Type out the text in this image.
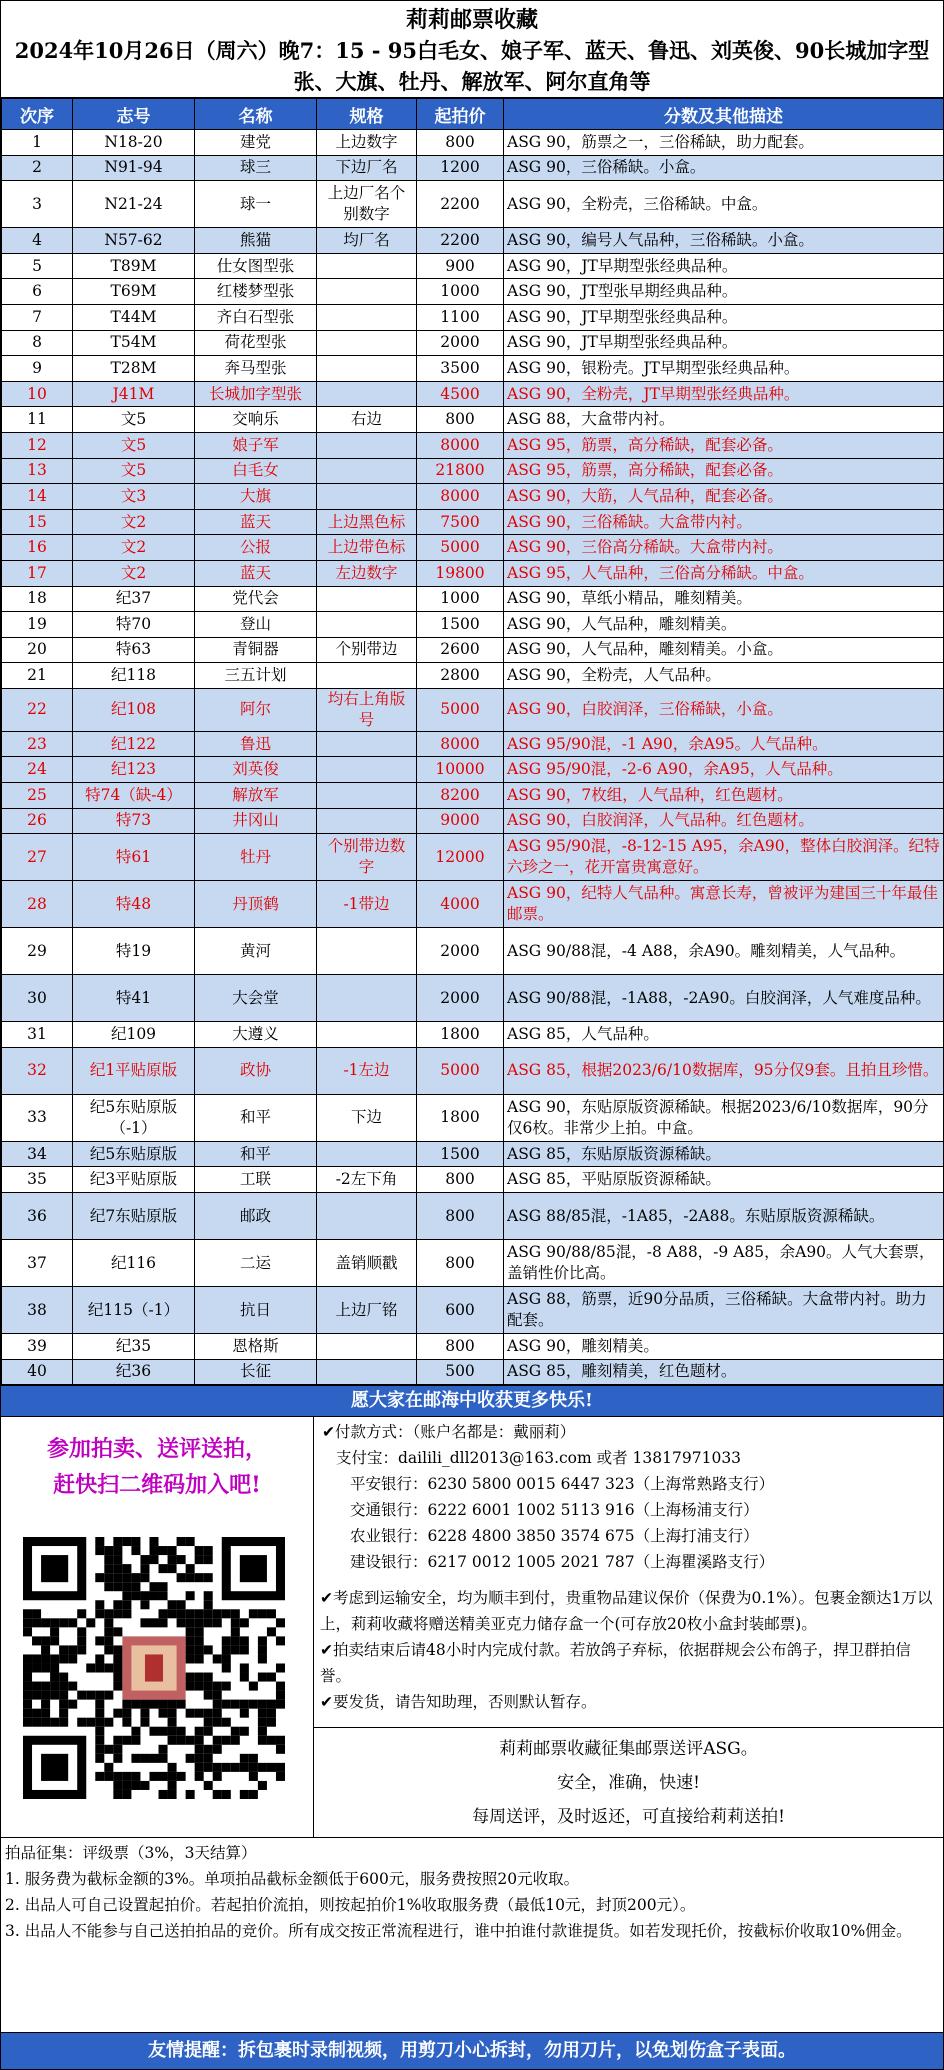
莉莉邮票收藏
2024年10月26日（周六）晚7：15 - 95白毛女、娘子军、蓝天、鲁迅、刘英俊、90长城加字型
张、大旗、牡丹、解放军、阿尔直角等
次序	志号	名称	规格	起拍价	分数及其他描述
1	N18-20	建党	上边数字	800	ASG 90，筋票之一，三俗稀缺，助力配套。
2	N91-94	球三	下边厂名	1200	ASG 90，三俗稀缺。小盒。
3	N21-24	球一	上边厂名个别数字	2200	ASG 90，全粉壳，三俗稀缺。中盒。
4	N57-62	熊猫	均厂名	2200	ASG 90，编号人气品种，三俗稀缺。小盒。
5	T89M	仕女图型张		900	ASG 90，JT早期型张经典品种。
6	T69M	红楼梦型张		1000	ASG 90，JT型张早期经典品种。
7	T44M	齐白石型张		1100	ASG 90，JT早期型张经典品种。
8	T54M	荷花型张		2000	ASG 90，JT早期型张经典品种。
9	T28M	奔马型张		3500	ASG 90，银粉壳。JT早期型张经典品种。
10	J41M	长城加字型张		4500	ASG 90，全粉壳，JT早期型张经典品种。
11	文5	交响乐	右边	800	ASG 88，大盒带内衬。
12	文5	娘子军		8000	ASG 95，筋票，高分稀缺，配套必备。
13	文5	白毛女		21800	ASG 95，筋票，高分稀缺，配套必备。
14	文3	大旗		8000	ASG 90，大筋，人气品种，配套必备。
15	文2	蓝天	上边黑色标	7500	ASG 90，三俗稀缺。大盒带内衬。
16	文2	公报	上边带色标	5000	ASG 90，三俗高分稀缺。大盒带内衬。
17	文2	蓝天	左边数字	19800	ASG 95，人气品种，三俗高分稀缺。中盒。
18	纪37	党代会		1000	ASG 90，草纸小精品，雕刻精美。
19	特70	登山		1500	ASG 90，人气品种，雕刻精美。
20	特63	青铜器	个别带边	2600	ASG 90，人气品种，雕刻精美。小盒。
21	纪118	三五计划		2800	ASG 90，全粉壳，人气品种。
22	纪108	阿尔	均右上角版号	5000	ASG 90，白胶润泽，三俗稀缺，小盒。
23	纪122	鲁迅		8000	ASG 95/90混，-1 A90，余A95。人气品种。
24	纪123	刘英俊		10000	ASG 95/90混，-2-6 A90，余A95，人气品种。
25	特74（缺-4）	解放军		8200	ASG 90，7枚组，人气品种，红色题材。
26	特73	井冈山		9000	ASG 90，白胶润泽，人气品种。红色题材。
27	特61	牡丹	个别带边数字	12000	ASG 95/90混，-8-12-15 A95，余A90，整体白胶润泽。纪特六珍之一，花开富贵寓意好。
28	特48	丹顶鹤	-1带边	4000	ASG 90，纪特人气品种。寓意长寿，曾被评为建国三十年最佳邮票。
29	特19	黄河		2000	ASG 90/88混，-4 A88，余A90。雕刻精美，人气品种。
30	特41	大会堂		2000	ASG 90/88混，-1A88，-2A90。白胶润泽，人气难度品种。
31	纪109	大遵义		1800	ASG 85，人气品种。
32	纪1平贴原版	政协	-1左边	5000	ASG 85，根据2023/6/10数据库，95分仅9套。且拍且珍惜。
33	纪5东贴原版（-1）	和平	下边	1800	ASG 90，东贴原版资源稀缺。根据2023/6/10数据库，90分仅6枚。非常少上拍。中盒。
34	纪5东贴原版	和平		1500	ASG 85，东贴原版资源稀缺。
35	纪3平贴原版	工联	-2左下角	800	ASG 85，平贴原版资源稀缺。
36	纪7东贴原版	邮政		800	ASG 88/85混，-1A85，-2A88。东贴原版资源稀缺。
37	纪116	二运	盖销顺戳	800	ASG 90/88/85混，-8 A88，-9 A85，余A90。人气大套票，盖销性价比高。
38	纪115（-1）	抗日	上边厂铭	600	ASG 88，筋票，近90分品质，三俗稀缺。大盒带内衬。助力配套。
39	纪35	恩格斯		800	ASG 90，雕刻精美。
40	纪36	长征		500	ASG 85，雕刻精美，红色题材。
愿大家在邮海中收获更多快乐!
参加拍卖、送评送拍，
赶快扫二维码加入吧!
✔付款方式：（账户名都是：戴丽莉）
支付宝：dailili_dll2013@163.com 或者 13817971033
平安银行：6230 5800 0015 6447 323（上海常熟路支行）
交通银行：6222 6001 1002 5113 916（上海杨浦支行）
农业银行：6228 4800 3850 3574 675（上海打浦支行）
建设银行：6217 0012 1005 2021 787（上海瞿溪路支行）
✔考虑到运输安全，均为顺丰到付，贵重物品建议保价（保费为0.1%）。包裹金额达1万以上，莉莉收藏将赠送精美亚克力储存盒一个(可存放20枚小盒封装邮票)。
✔拍卖结束后请48小时内完成付款。若放鸽子弃标，依据群规会公布鸽子，捍卫群拍信誉。
✔要发货，请告知助理，否则默认暂存。
莉莉邮票收藏征集邮票送评ASG。
安全，准确，快速!
每周送评，及时返还，可直接给莉莉送拍!
拍品征集：评级票（3%，3天结算）
1. 服务费为截标金额的3%。单项拍品截标金额低于600元，服务费按照20元收取。
2. 出品人可自己设置起拍价。若起拍价流拍，则按起拍价1%收取服务费（最低10元，封顶200元）。
3. 出品人不能参与自己送拍拍品的竞价。所有成交按正常流程进行，谁中拍谁付款谁提货。如若发现托价，按截标价收取10%佣金。
友情提醒：拆包裹时录制视频，用剪刀小心拆封，勿用刀片，以免划伤盒子表面。
